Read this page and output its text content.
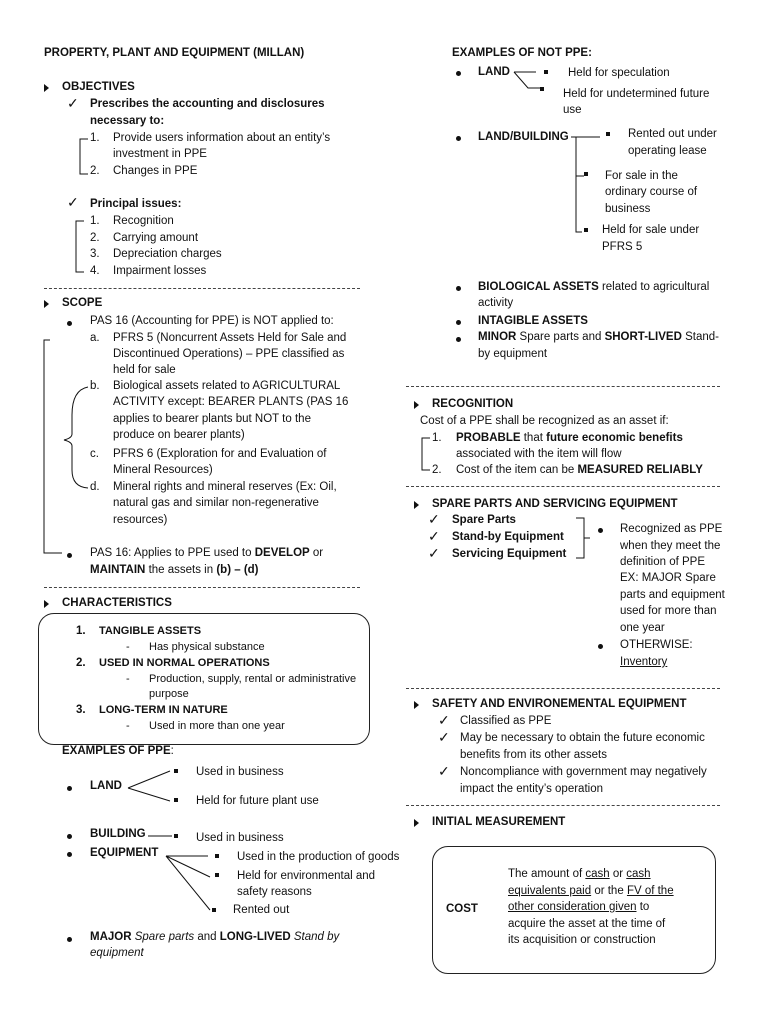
PROPERTY, PLANT AND EQUIPMENT (MILLAN)
OBJECTIVES
✓ Prescribes the accounting and disclosures
necessary to:
1. Provide users information about an entity’s
investment in PPE
2. Changes in PPE
✓ Principal issues:
1. Recognition
2. Carrying amount
3. Depreciation charges
4. Impairment losses
SCOPE
PAS 16 (Accounting for PPE) is NOT applied to:
a. PFRS 5 (Noncurrent Assets Held for Sale and
Discontinued Operations) – PPE classified as
held for sale
b. Biological assets related to AGRICULTURAL
ACTIVITY except: BEARER PLANTS (PAS 16
applies to bearer plants but NOT to the
produce on bearer plants)
c. PFRS 6 (Exploration for and Evaluation of
Mineral Resources)
d. Mineral rights and mineral reserves (Ex: Oil,
natural gas and similar non-regenerative
resources)
PAS 16: Applies to PPE used to DEVELOP or
MAINTAIN the assets in (b) – (d)
CHARACTERISTICS
1. TANGIBLE ASSETS
- Has physical substance
2. USED IN NORMAL OPERATIONS
- Production, supply, rental or administrative
purpose
3. LONG-TERM IN NATURE
- Used in more than one year
EXAMPLES OF PPE:
LAND
Used in business
Held for future plant use
BUILDING	Used in business
EQUIPMENT	Used in the production of goods
Held for environmental and
safety reasons
Rented out
MAJOR Spare parts and LONG-LIVED Stand by
equipment
EXAMPLES OF NOT PPE:
LAND	Held for speculation
Held for undetermined future
use
LAND/BUILDING	Rented out under
operating lease
For sale in the
ordinary course of
business
Held for sale under
PFRS 5
BIOLOGICAL ASSETS related to agricultural
activity
INTAGIBLE ASSETS
MINOR Spare parts and SHORT-LIVED Stand-
by equipment
RECOGNITION
Cost of a PPE shall be recognized as an asset if:
1. PROBABLE that future economic benefits
associated with the item will flow
2. Cost of the item can be MEASURED RELIABLY
SPARE PARTS AND SERVICING EQUIPMENT
✓ Spare Parts
✓ Stand-by Equipment
✓ Servicing Equipment
Recognized as PPE
when they meet the
definition of PPE
EX: MAJOR Spare
parts and equipment
used for more than
one year
OTHERWISE:
Inventory
SAFETY AND ENVIRONEMENTAL EQUIPMENT
✓ Classified as PPE
✓ May be necessary to obtain the future economic
benefits from its other assets
✓ Noncompliance with government may negatively
impact the entity’s operation
INITIAL MEASUREMENT
COST
The amount of cash or cash
equivalents paid or the FV of the
other consideration given to
acquire the asset at the time of
its acquisition or construction
